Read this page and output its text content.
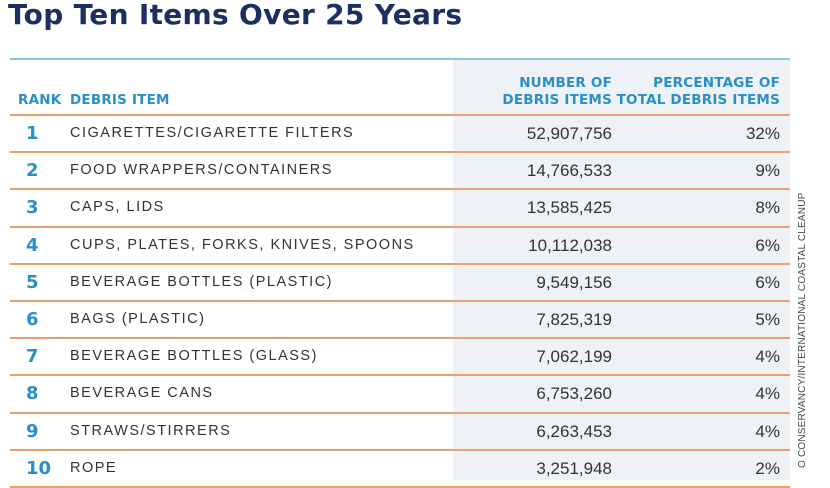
Top Ten Items Over 25 Years
RANK DEBRIS ITEM
NUMBER OF
DEBRIS ITEMS
PERCENTAGE OF
TOTAL DEBRIS ITEMS
1 CIGARETTES/CIGARETTE FILTERS	52,907,756	32%
2 FOOD WRAPPERS/CONTAINERS	14,766,533	9%
3 CAPS, LIDS	13,585,425	8%
4 CUPS, PLATES, FORKS, KNIVES, SPOONS	10,112,038	6%
5 BEVERAGE BOTTLES (PLASTIC)	9,549,156	6%
6 BAGS (PLASTIC)	7,825,319	5%
7 BEVERAGE BOTTLES (GLASS)	7,062,199	4%
8 BEVERAGE CANS	6,753,260	4%
9 STRAWS/STIRRERS	6,263,453	4%
10 ROPE	3,251,948	2%
O CONSERVANCY/INTERNATIONAL COASTAL CLEANUP
